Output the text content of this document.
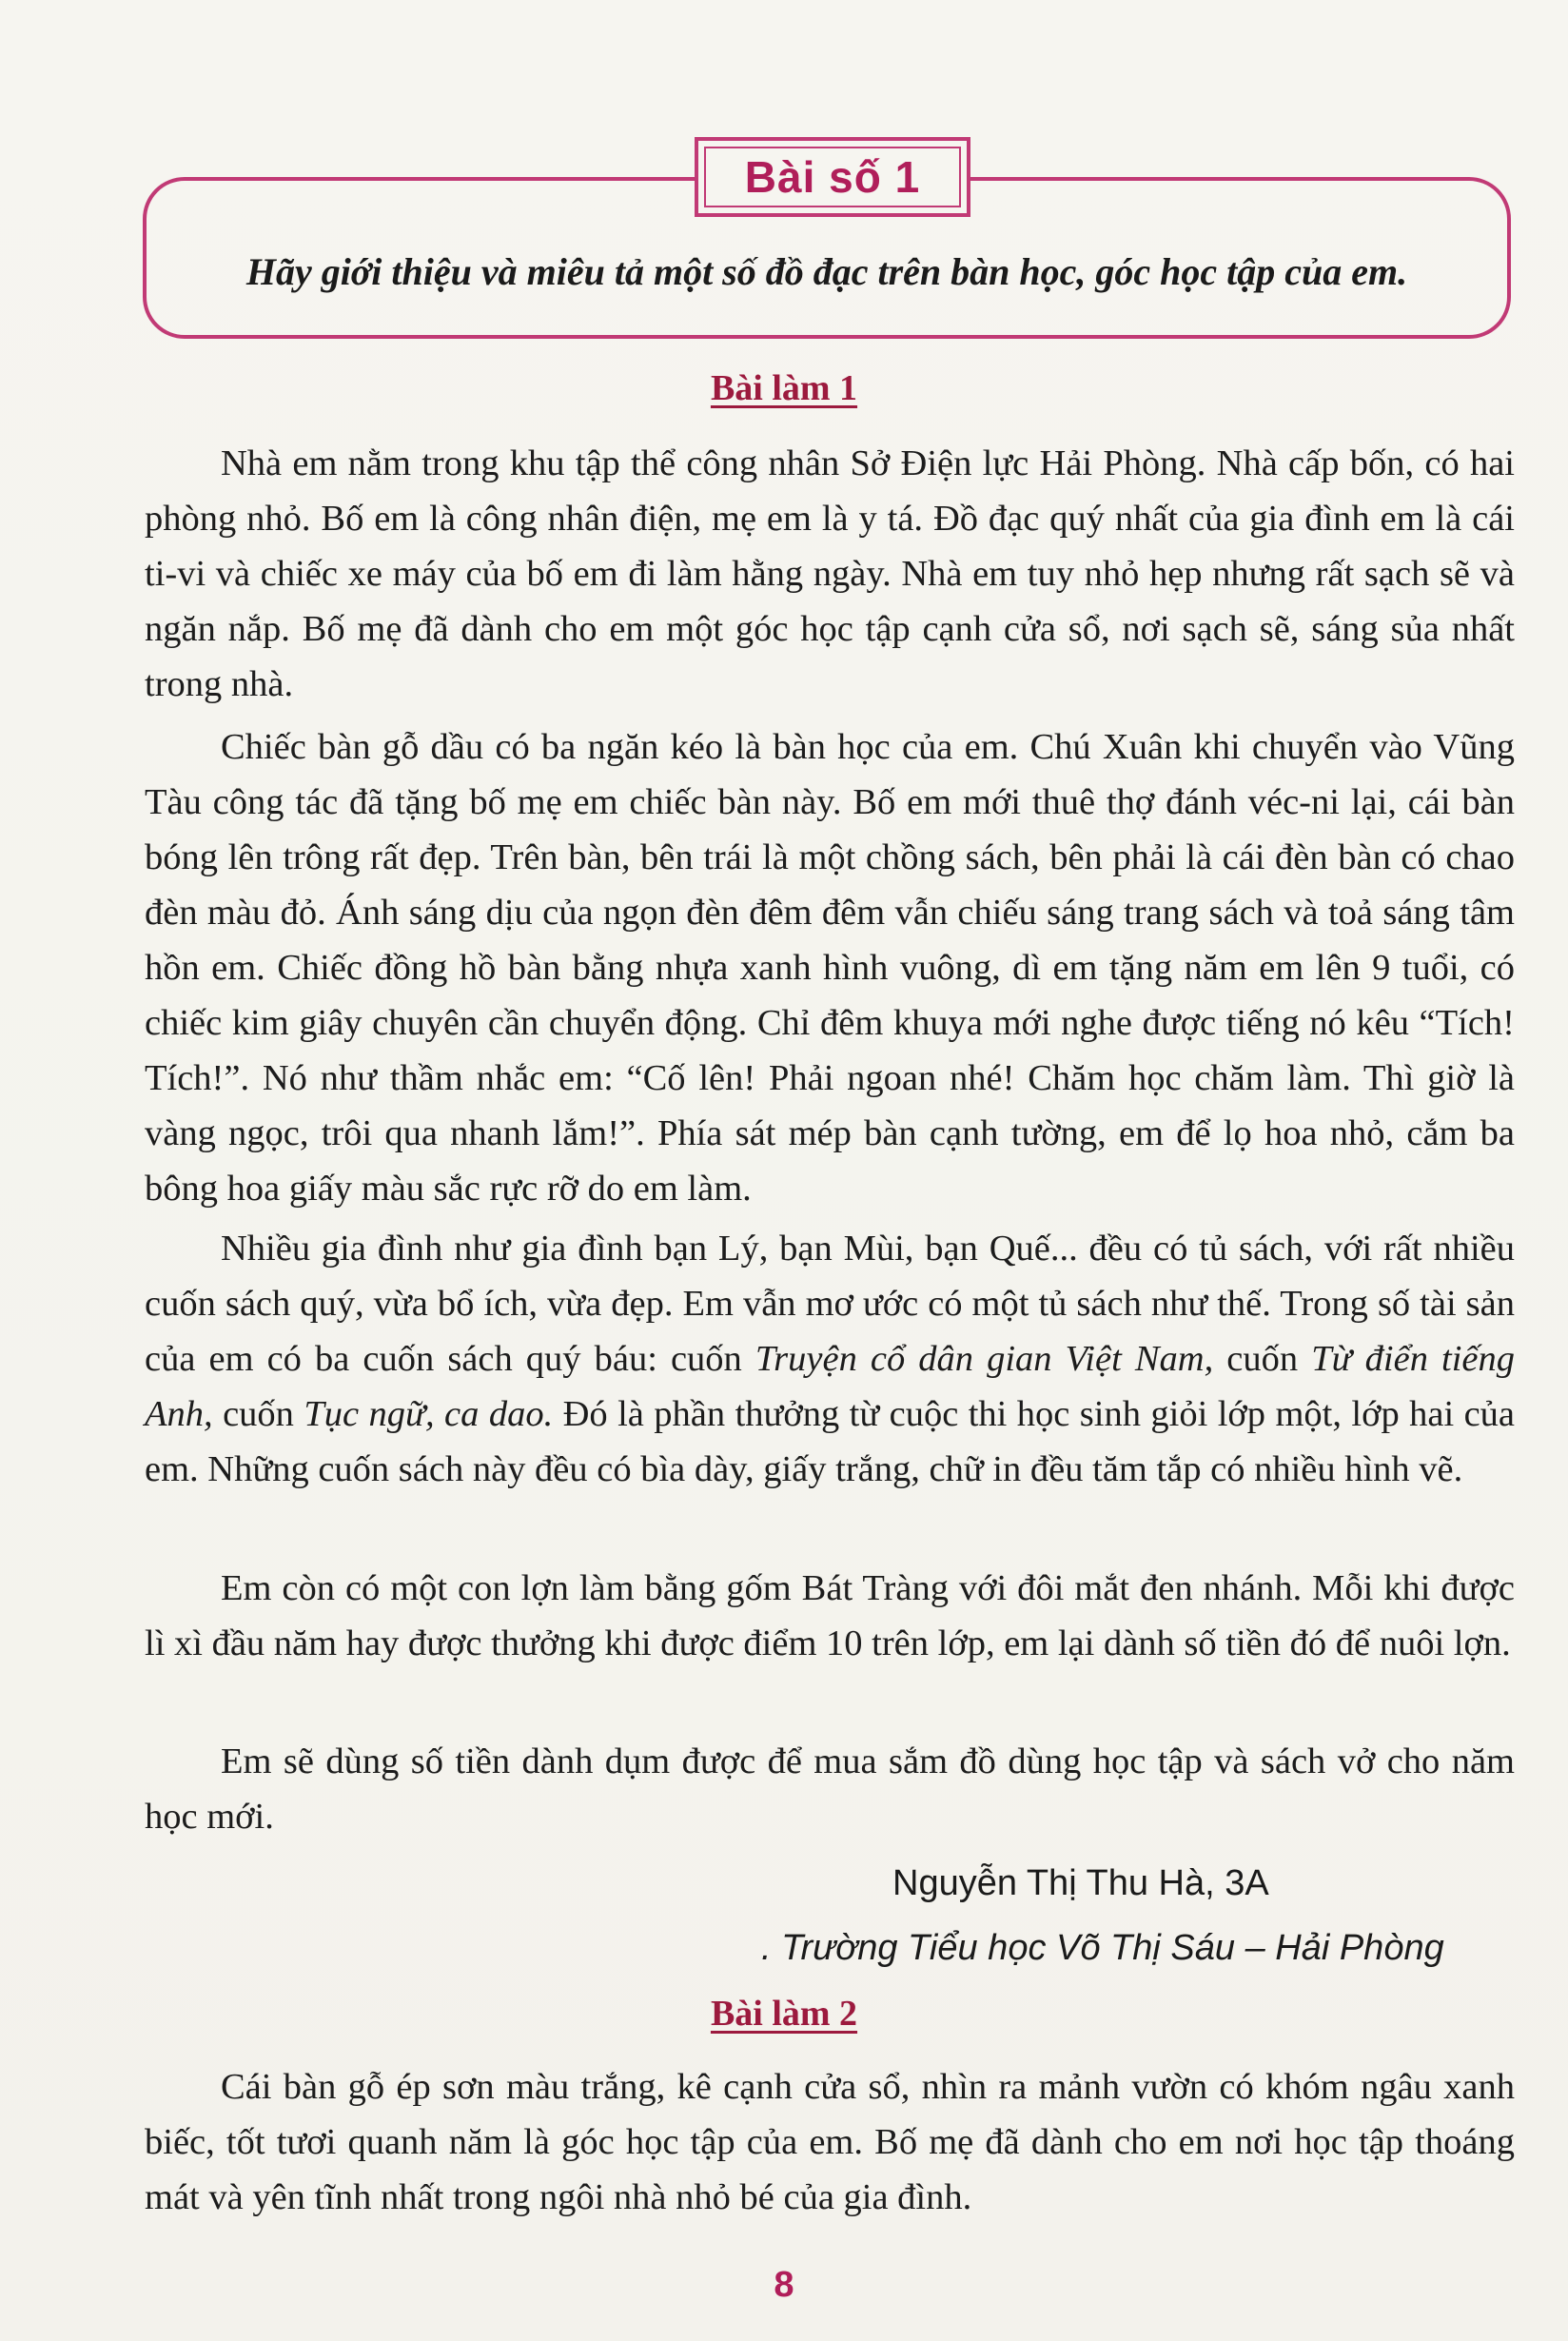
Bài số 1
Hãy giới thiệu và miêu tả một số đồ đạc trên bàn học, góc học tập của em.
Bài làm 1

Nhà em nằm trong khu tập thể công nhân Sở Điện lực Hải Phòng. Nhà cấp bốn, có hai phòng nhỏ. Bố em là công nhân điện, mẹ em là y tá. Đồ đạc quý nhất của gia đình em là cái ti-vi và chiếc xe máy của bố em đi làm hằng ngày. Nhà em tuy nhỏ hẹp nhưng rất sạch sẽ và ngăn nắp. Bố mẹ đã dành cho em một góc học tập cạnh cửa sổ, nơi sạch sẽ, sáng sủa nhất trong nhà.

Chiếc bàn gỗ dầu có ba ngăn kéo là bàn học của em. Chú Xuân khi chuyển vào Vũng Tàu công tác đã tặng bố mẹ em chiếc bàn này. Bố em mới thuê thợ đánh véc-ni lại, cái bàn bóng lên trông rất đẹp. Trên bàn, bên trái là một chồng sách, bên phải là cái đèn bàn có chao đèn màu đỏ. Ánh sáng dịu của ngọn đèn đêm đêm vẫn chiếu sáng trang sách và toả sáng tâm hồn em. Chiếc đồng hồ bàn bằng nhựa xanh hình vuông, dì em tặng năm em lên 9 tuổi, có chiếc kim giây chuyên cần chuyển động. Chỉ đêm khuya mới nghe được tiếng nó kêu “Tích! Tích!”. Nó như thầm nhắc em: “Cố lên! Phải ngoan nhé! Chăm học chăm làm. Thì giờ là vàng ngọc, trôi qua nhanh lắm!”. Phía sát mép bàn cạnh tường, em để lọ hoa nhỏ, cắm ba bông hoa giấy màu sắc rực rỡ do em làm.

Nhiều gia đình như gia đình bạn Lý, bạn Mùi, bạn Quế... đều có tủ sách, với rất nhiều cuốn sách quý, vừa bổ ích, vừa đẹp. Em vẫn mơ ước có một tủ sách như thế. Trong số tài sản của em có ba cuốn sách quý báu: cuốn Truyện cổ dân gian Việt Nam, cuốn Từ điển tiếng Anh, cuốn Tục ngữ, ca dao. Đó là phần thưởng từ cuộc thi học sinh giỏi lớp một, lớp hai của em. Những cuốn sách này đều có bìa dày, giấy trắng, chữ in đều tăm tắp có nhiều hình vẽ.

Em còn có một con lợn làm bằng gốm Bát Tràng với đôi mắt đen nhánh. Mỗi khi được lì xì đầu năm hay được thưởng khi được điểm 10 trên lớp, em lại dành số tiền đó để nuôi lợn.

Em sẽ dùng số tiền dành dụm được để mua sắm đồ dùng học tập và sách vở cho năm học mới.

Nguyễn Thị Thu Hà, 3A
. Trường Tiểu học Võ Thị Sáu – Hải Phòng
Bài làm 2

Cái bàn gỗ ép sơn màu trắng, kê cạnh cửa sổ, nhìn ra mảnh vườn có khóm ngâu xanh biếc, tốt tươi quanh năm là góc học tập của em. Bố mẹ đã dành cho em nơi học tập thoáng mát và yên tĩnh nhất trong ngôi nhà nhỏ bé của gia đình.

8
